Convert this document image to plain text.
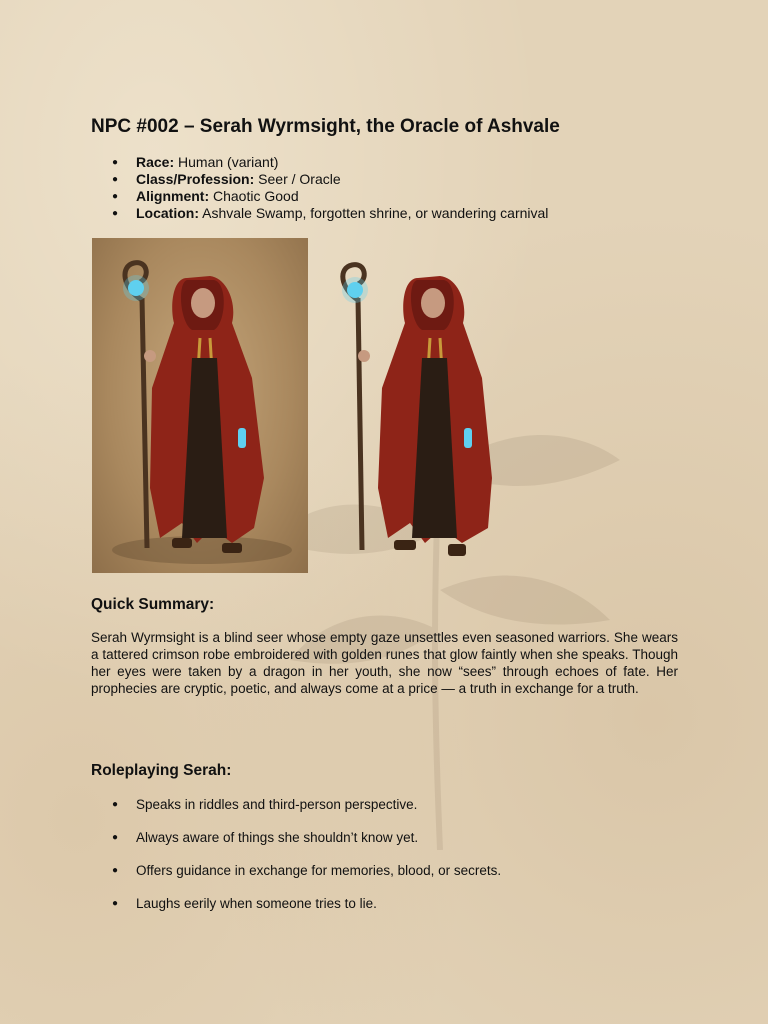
NPC #002 – Serah Wyrmsight, the Oracle of Ashvale
● Race: Human (variant)
● Class/Profession: Seer / Oracle
● Alignment: Chaotic Good
● Location: Ashvale Swamp, forgotten shrine, or wandering carnival
Quick Summary:

Serah Wyrmsight is a blind seer whose empty gaze unsettles even seasoned warriors. She wears a tattered crimson robe embroidered with golden runes that glow faintly when she speaks. Though her eyes were taken by a dragon in her youth, she now “sees” through echoes of fate. Her prophecies are cryptic, poetic, and always come at a price — a truth in exchange for a truth.

Roleplaying Serah:
● Speaks in riddles and third-person perspective.
● Always aware of things she shouldn’t know yet.
● Offers guidance in exchange for memories, blood, or secrets.
● Laughs eerily when someone tries to lie.
